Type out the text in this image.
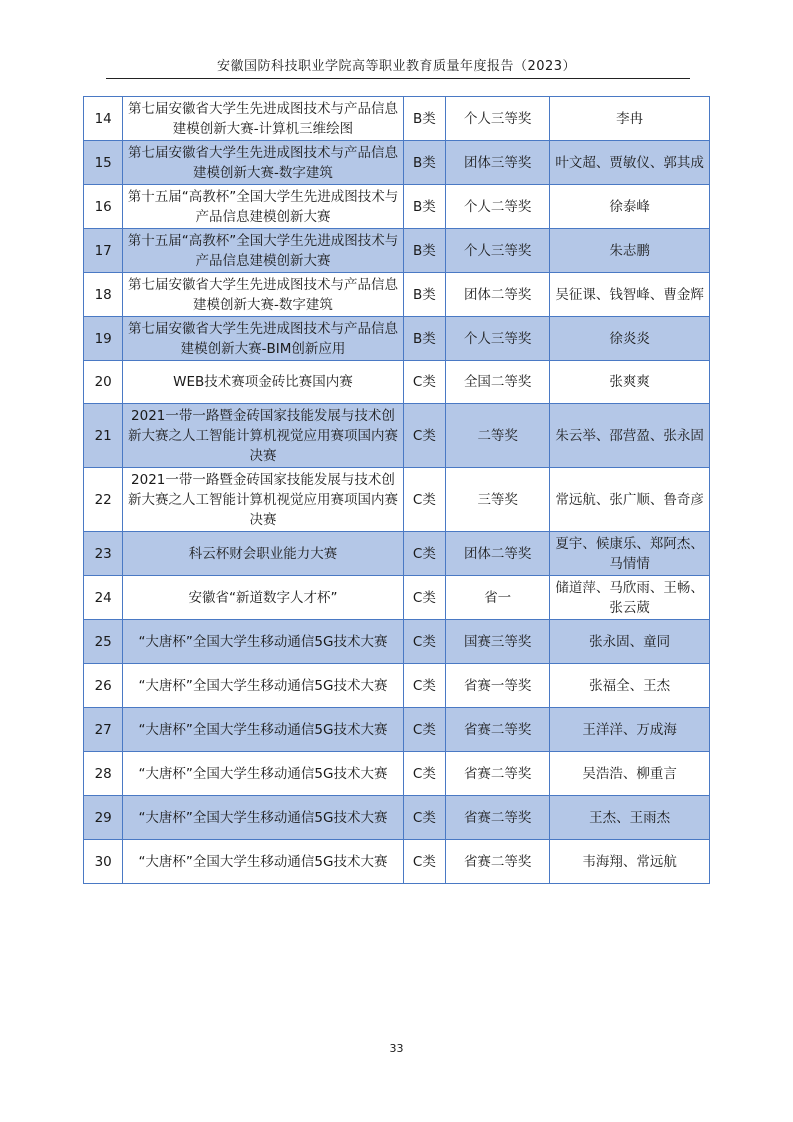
安徽国防科技职业学院高等职业教育质量年度报告（2023）
14	第七届安徽省大学生先进成图技术与产品信息建模创新大赛-计算机三维绘图	B类	个人三等奖	李冉
15	第七届安徽省大学生先进成图技术与产品信息建模创新大赛-数字建筑	B类	团体三等奖	叶文超、贾敏仪、郭其成
16	第十五届“高教杯”全国大学生先进成图技术与产品信息建模创新大赛	B类	个人二等奖	徐泰峰
17	第十五届“高教杯”全国大学生先进成图技术与产品信息建模创新大赛	B类	个人三等奖	朱志鹏
18	第七届安徽省大学生先进成图技术与产品信息建模创新大赛-数字建筑	B类	团体二等奖	吴征课、钱智峰、曹金辉
19	第七届安徽省大学生先进成图技术与产品信息建模创新大赛-BIM创新应用	B类	个人三等奖	徐炎炎
20	WEB技术赛项金砖比赛国内赛	C类	全国二等奖	张爽爽
21	2021一带一路暨金砖国家技能发展与技术创新大赛之人工智能计算机视觉应用赛项国内赛决赛	C类	二等奖	朱云举、邵营盈、张永固
22	2021一带一路暨金砖国家技能发展与技术创新大赛之人工智能计算机视觉应用赛项国内赛决赛	C类	三等奖	常远航、张广顺、鲁奇彦
23	科云杯财会职业能力大赛	C类	团体二等奖	夏宇、候康乐、郑阿杰、马情情
24	安徽省“新道数字人才杯”	C类	省一	储道萍、马欣雨、王畅、张云葳
25	“大唐杯”全国大学生移动通信5G技术大赛	C类	国赛三等奖	张永固、童同
26	“大唐杯”全国大学生移动通信5G技术大赛	C类	省赛一等奖	张福全、王杰
27	“大唐杯”全国大学生移动通信5G技术大赛	C类	省赛二等奖	王洋洋、万成海
28	“大唐杯”全国大学生移动通信5G技术大赛	C类	省赛二等奖	吴浩浩、柳重言
29	“大唐杯”全国大学生移动通信5G技术大赛	C类	省赛二等奖	王杰、王雨杰
30	“大唐杯”全国大学生移动通信5G技术大赛	C类	省赛二等奖	韦海翔、常远航
33
